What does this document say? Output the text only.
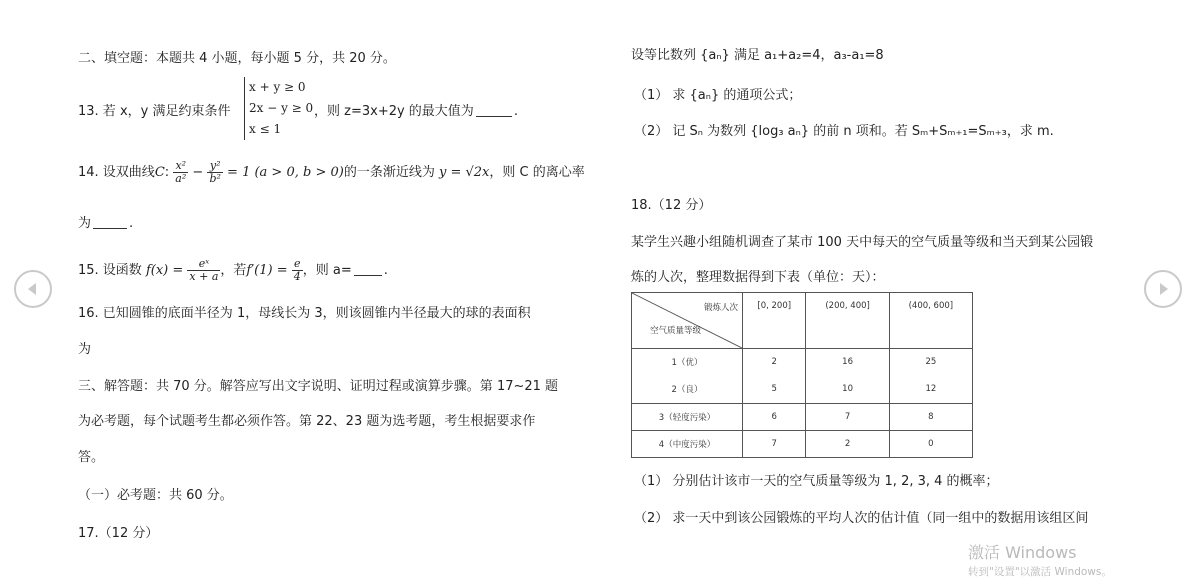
二、填空题：本题共 4 小题，每小题 5 分，共 20 分。
13. 若 x，y 满足约束条件
x + y ≥ 0
2x − y ≥ 0
x ≤ 1
，则 z=3x+2y 的最大值为	.
14. 设双曲线C: $\frac{\text{x²}}{\text{a²}} - \frac{\text{y²}}{\text{b²}} = 1$ (a > 0, b > 0)的一条渐近线为 y = √2x，则 C 的离心率
为	.
15. 设函数 $f(x) = \frac{\text{eˣ}}{x + a}$ ，若$f'(1) = \frac{e}{4}$ ，则 a= .
16. 已知圆锥的底面半径为 1，母线长为 3，则该圆锥内半径最大的球的表面积
为
三、解答题：共 70 分。解答应写出文字说明、证明过程或演算步骤。第 17~21 题
为必考题，每个试题考生都必须作答。第 22、23 题为选考题，考生根据要求作
答。
（一）必考题：共 60 分。
17.（12 分）
设等比数列 {aₙ} 满足 a₁+a₂=4，a₃-a₁=8
（1） 求 {aₙ} 的通项公式；
（2） 记 Sₙ 为数列 {log₃ aₙ} 的前 n 项和。若 Sₘ+Sₘ₊₁=Sₘ₊₃，求 m.
18.（12 分）
某学生兴趣小组随机调查了某市 100 天中每天的空气质量等级和当天到某公园锻
炼的人次，整理数据得到下表（单位：天）：
锻炼人次
空气质量等级	[0, 200]	(200, 400]	(400, 600]
1（优）	2	16	25
2（良）	5	10	12
3（轻度污染）	6	7	8
4（中度污染）	7	2	0
（1） 分别估计该市一天的空气质量等级为 1, 2, 3, 4 的概率；
（2） 求一天中到该公园锻炼的平均人次的估计值（同一组中的数据用该组区间
激活 Windows
转到"设置"以激活 Windows。
